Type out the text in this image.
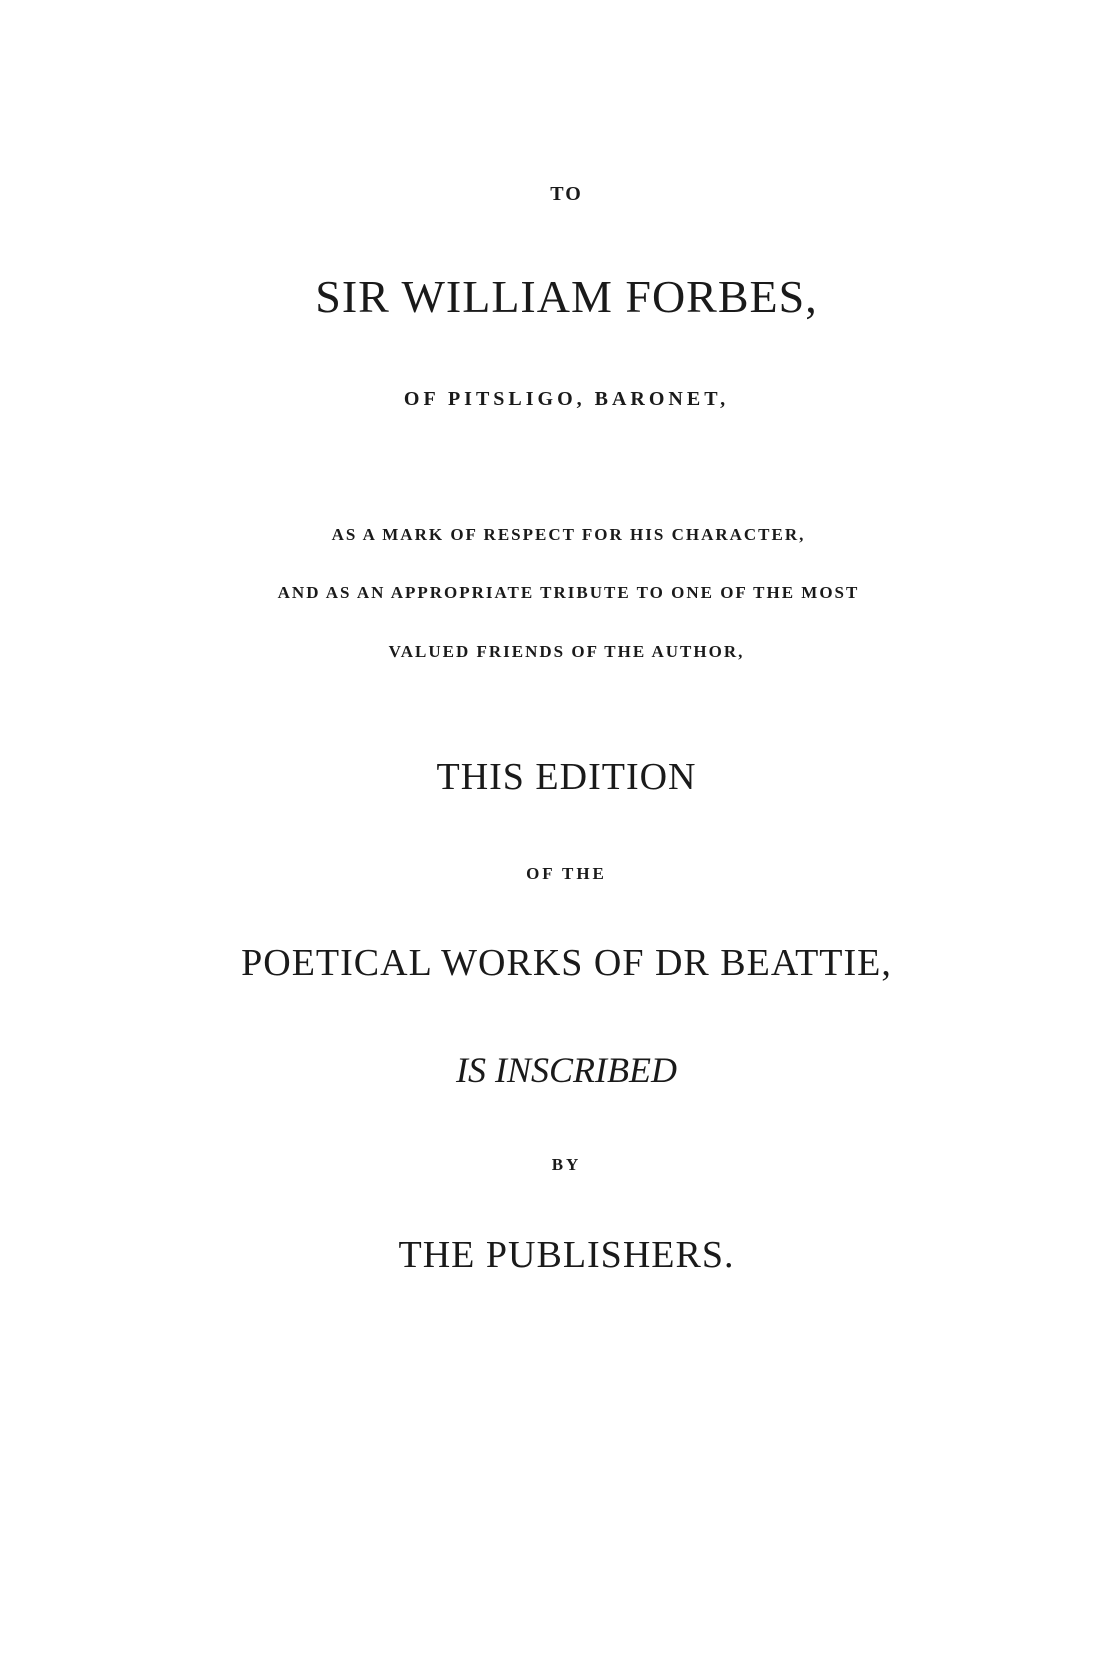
TO
SIR WILLIAM FORBES,
OF PITSLIGO, BARONET,
AS A MARK OF RESPECT FOR HIS CHARACTER,
AND AS AN APPROPRIATE TRIBUTE TO ONE OF THE MOST
VALUED FRIENDS OF THE AUTHOR,
THIS EDITION
OF THE
POETICAL WORKS OF DR BEATTIE,
IS INSCRIBED
BY
THE PUBLISHERS.
